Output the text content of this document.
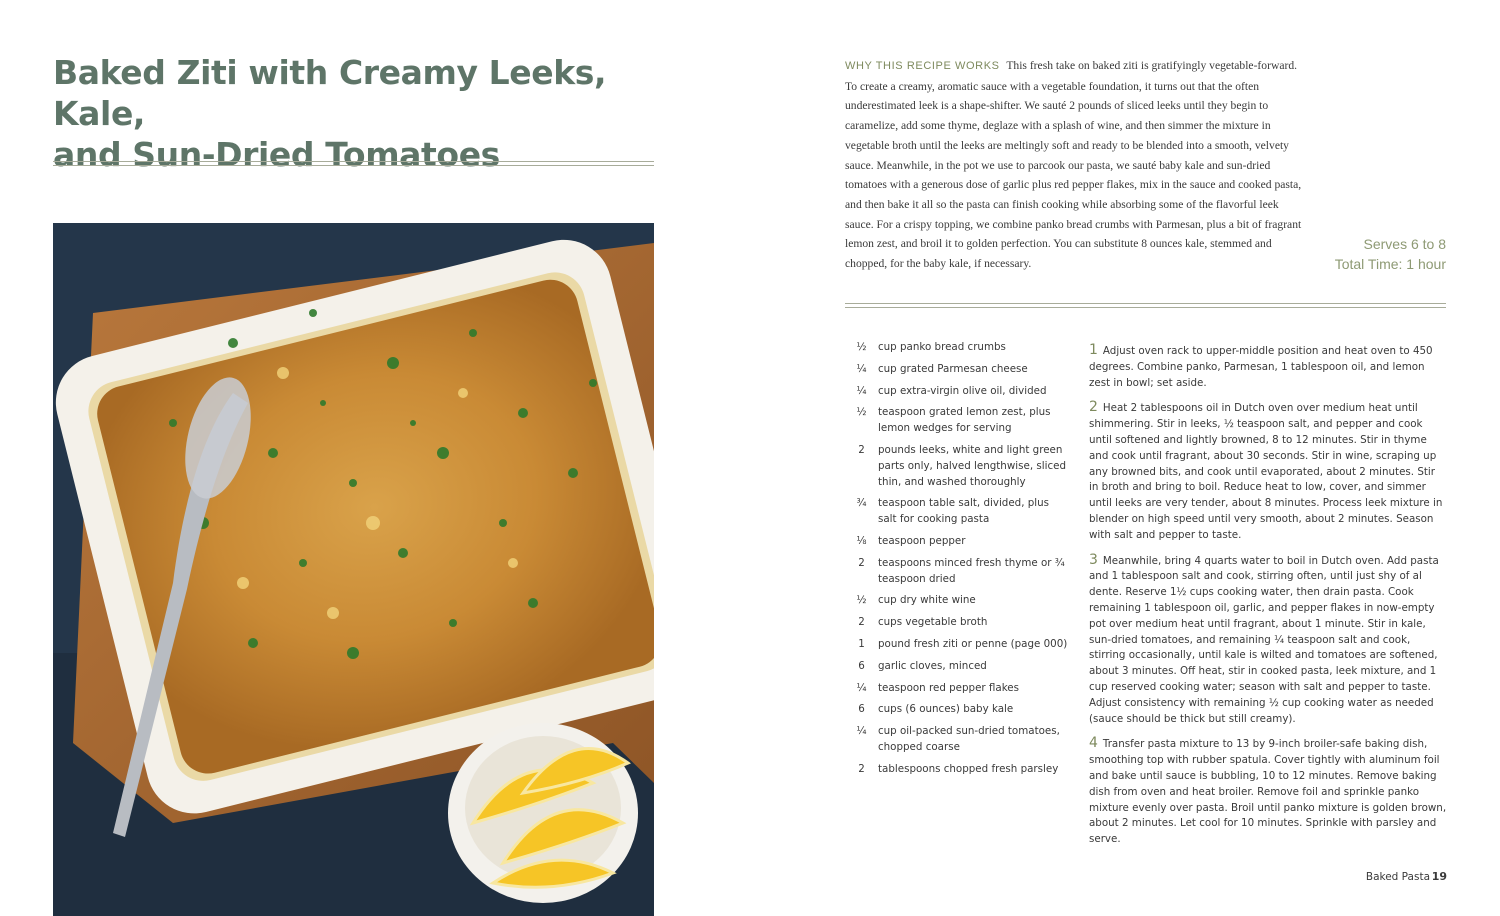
Baked Ziti with Creamy Leeks, Kale,
and Sun-Dried Tomatoes

WHY THIS RECIPE WORKS This fresh take on baked ziti is gratifyingly vegetable-forward. To create a creamy, aromatic sauce with a vegetable foundation, it turns out that the often underestimated leek is a shape-shifter. We sauté 2 pounds of sliced leeks until they begin to caramelize, add some thyme, deglaze with a splash of wine, and then simmer the mixture in vegetable broth until the leeks are meltingly soft and ready to be blended into a smooth, velvety sauce. Meanwhile, in the pot we use to parcook our pasta, we sauté baby kale and sun-dried tomatoes with a generous dose of garlic plus red pepper flakes, mix in the sauce and cooked pasta, and then bake it all so the pasta can finish cooking while absorbing some of the flavorful leek sauce. For a crispy topping, we combine panko bread crumbs with Parmesan, plus a bit of fragrant lemon zest, and broil it to golden perfection. You can substitute 8 ounces kale, stemmed and chopped, for the baby kale, if necessary.

Serves 6 to 8
Total Time: 1 hour
½	cup panko bread crumbs
¼	cup grated Parmesan cheese
¼	cup extra-virgin olive oil, divided
½	teaspoon grated lemon zest, plus lemon wedges for serving
2	pounds leeks, white and light green parts only, halved lengthwise, sliced thin, and washed thoroughly
¾	teaspoon table salt, divided, plus salt for cooking pasta
⅛	teaspoon pepper
2	teaspoons minced fresh thyme or ¾ teaspoon dried
½	cup dry white wine
2	cups vegetable broth
1	pound fresh ziti or penne (page 000)
6	garlic cloves, minced
¼	teaspoon red pepper flakes
6	cups (6 ounces) baby kale
¼	cup oil-packed sun-dried tomatoes, chopped coarse
2	tablespoons chopped fresh parsley

1 Adjust oven rack to upper-middle position and heat oven to 450 degrees. Combine panko, Parmesan, 1 tablespoon oil, and lemon zest in bowl; set aside.

2 Heat 2 tablespoons oil in Dutch oven over medium heat until shimmering. Stir in leeks, ½ teaspoon salt, and pepper and cook until softened and lightly browned, 8 to 12 minutes. Stir in thyme and cook until fragrant, about 30 seconds. Stir in wine, scraping up any browned bits, and cook until evaporated, about 2 minutes. Stir in broth and bring to boil. Reduce heat to low, cover, and simmer until leeks are very tender, about 8 minutes. Process leek mixture in blender on high speed until very smooth, about 2 minutes. Season with salt and pepper to taste.

3 Meanwhile, bring 4 quarts water to boil in Dutch oven. Add pasta and 1 tablespoon salt and cook, stirring often, until just shy of al dente. Reserve 1½ cups cooking water, then drain pasta. Cook remaining 1 tablespoon oil, garlic, and pepper flakes in now-empty pot over medium heat until fragrant, about 1 minute. Stir in kale, sun-dried tomatoes, and remaining ¼ teaspoon salt and cook, stirring occasionally, until kale is wilted and tomatoes are softened, about 3 minutes. Off heat, stir in cooked pasta, leek mixture, and 1 cup reserved cooking water; season with salt and pepper to taste. Adjust consistency with remaining ½ cup cooking water as needed (sauce should be thick but still creamy).

4 Transfer pasta mixture to 13 by 9-inch broiler-safe baking dish, smoothing top with rubber spatula. Cover tightly with aluminum foil and bake until sauce is bubbling, 10 to 12 minutes. Remove baking dish from oven and heat broiler. Remove foil and sprinkle panko mixture evenly over pasta. Broil until panko mixture is golden brown, about 2 minutes. Let cool for 10 minutes. Sprinkle with parsley and serve.

Baked Pasta 19
